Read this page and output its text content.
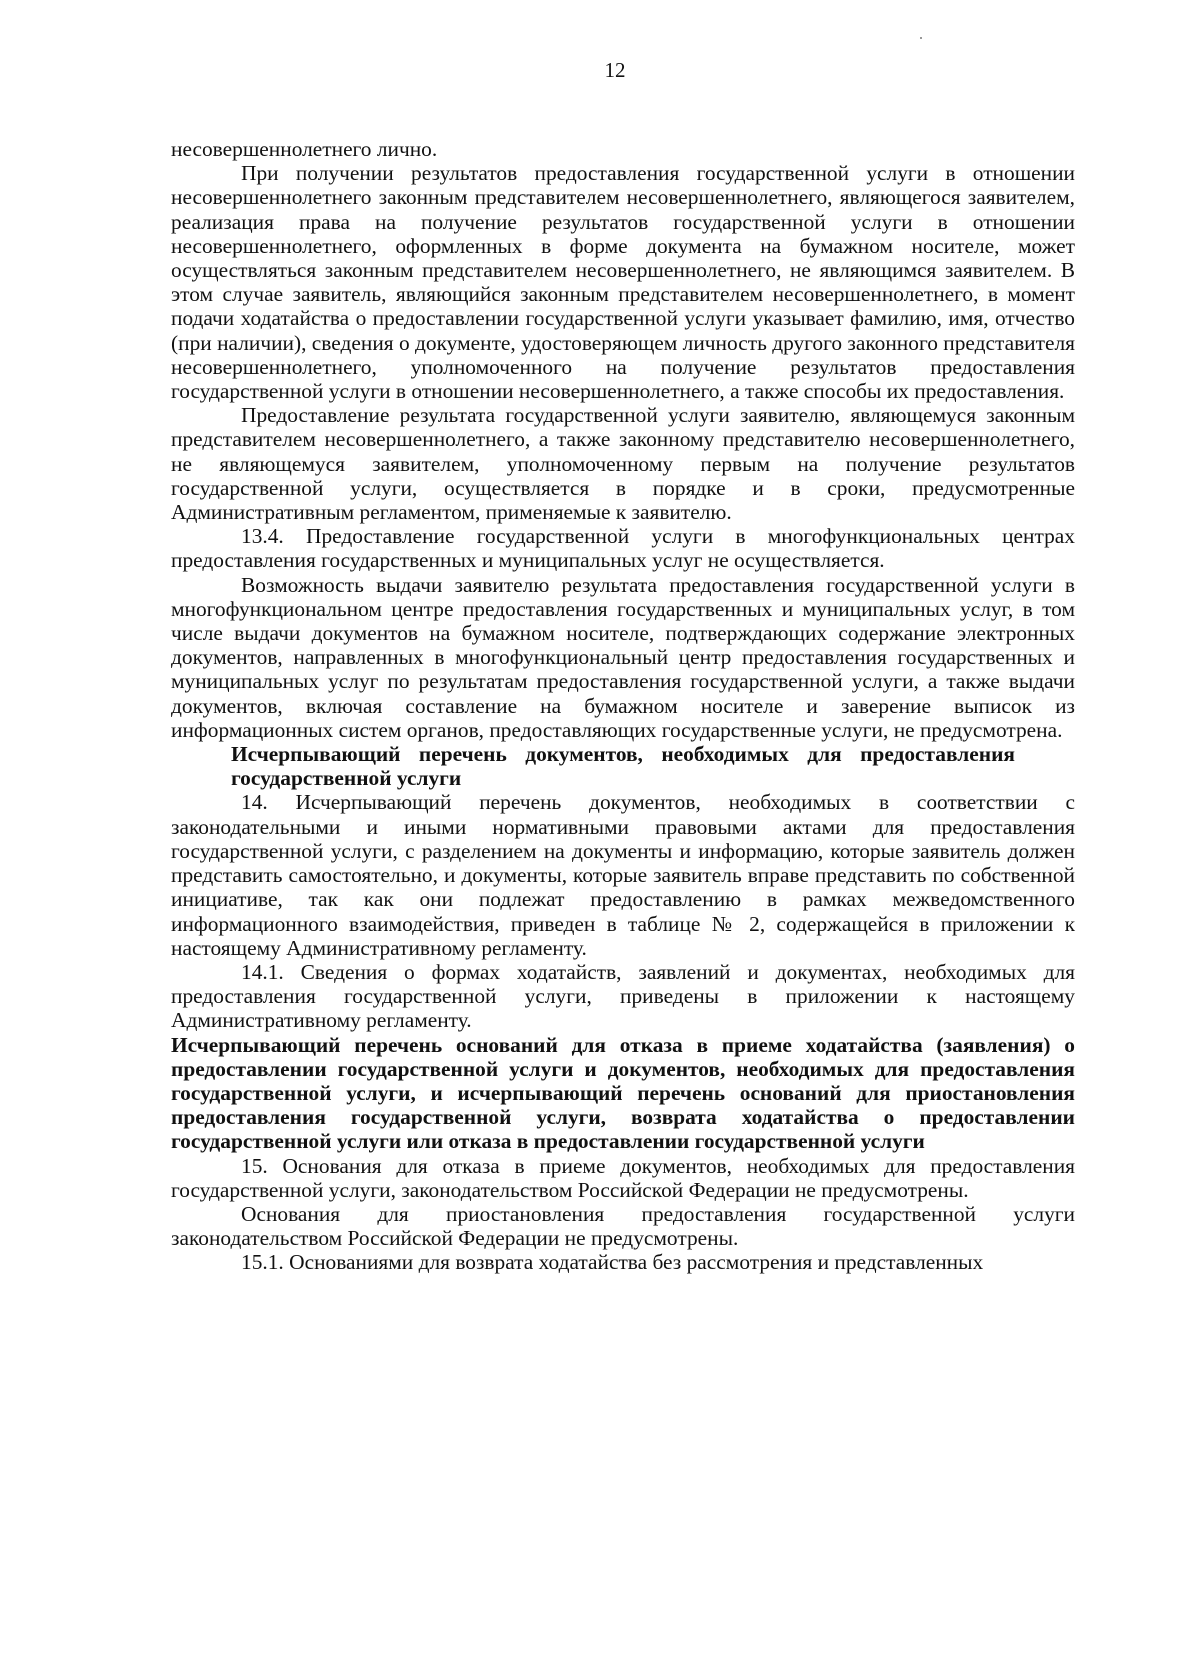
12

несовершеннолетнего лично.

При получении результатов предоставления государственной услуги в отношении несовершеннолетнего законным представителем несовершеннолетнего, являющегося заявителем, реализация права на получение результатов государственной услуги в отношении несовершеннолетнего, оформленных в форме документа на бумажном носителе, может осуществляться законным представителем несовершеннолетнего, не являющимся заявителем. В этом случае заявитель, являющийся законным представителем несовершеннолетнего, в момент подачи ходатайства о предоставлении государственной услуги указывает фамилию, имя, отчество (при наличии), сведения о документе, удостоверяющем личность другого законного представителя несовершеннолетнего, уполномоченного на получение результатов предоставления государственной услуги в отношении несовершеннолетнего, а также способы их предоставления.

Предоставление результата государственной услуги заявителю, являющемуся законным представителем несовершеннолетнего, а также законному представителю несовершеннолетнего, не являющемуся заявителем, уполномоченному первым на получение результатов государственной услуги, осуществляется в порядке и в сроки, предусмотренные Административным регламентом, применяемые к заявителю.

13.4. Предоставление государственной услуги в многофункциональных центрах предоставления государственных и муниципальных услуг не осуществляется.

Возможность выдачи заявителю результата предоставления государственной услуги в многофункциональном центре предоставления государственных и муниципальных услуг, в том числе выдачи документов на бумажном носителе, подтверждающих содержание электронных документов, направленных в многофункциональный центр предоставления государственных и муниципальных услуг по результатам предоставления государственной услуги, а также выдачи документов, включая составление на бумажном носителе и заверение выписок из информационных систем органов, предоставляющих государственные услуги, не предусмотрена.

Исчерпывающий перечень документов, необходимых для предоставления государственной услуги

14. Исчерпывающий перечень документов, необходимых в соответствии с законодательными и иными нормативными правовыми актами для предоставления государственной услуги, с разделением на документы и информацию, которые заявитель должен представить самостоятельно, и документы, которые заявитель вправе представить по собственной инициативе, так как они подлежат предоставлению в рамках межведомственного информационного взаимодействия, приведен в таблице № 2, содержащейся в приложении к настоящему Административному регламенту.

14.1. Сведения о формах ходатайств, заявлений и документах, необходимых для предоставления государственной услуги, приведены в приложении к настоящему Административному регламенту.

Исчерпывающий перечень оснований для отказа в приеме ходатайства (заявления) о предоставлении государственной услуги и документов, необходимых для предоставления государственной услуги, и исчерпывающий перечень оснований для приостановления предоставления государственной услуги, возврата ходатайства о предоставлении государственной услуги или отказа в предоставлении государственной услуги

15. Основания для отказа в приеме документов, необходимых для предоставления государственной услуги, законодательством Российской Федерации не предусмотрены.

Основания для приостановления предоставления государственной услуги законодательством Российской Федерации не предусмотрены.

15.1. Основаниями для возврата ходатайства без рассмотрения и представленных
